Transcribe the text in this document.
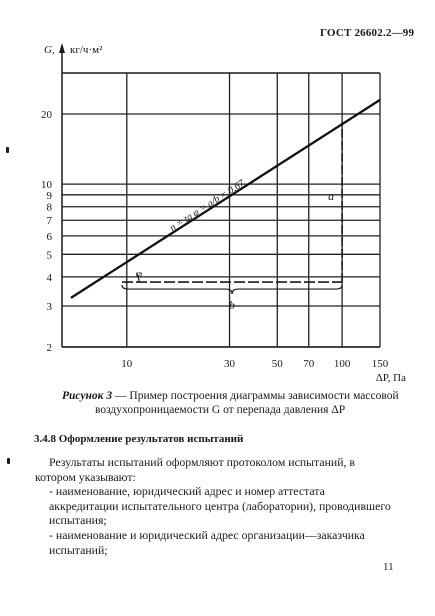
ГОСТ 26602.2—99
2
3
4
5
6
7
8
9
10
20
10	30	50 70 100 150
G, кг/ч·м²
ΔP, Па
φ
b
a
n = tg φ = a/b = 0,67
Рисунок 3 — Пример построения диаграммы зависимости массовой
воздухопроницаемости G от перепада давления ΔP
3.4.8 Оформление результатов испытаний

Результаты испытаний оформляют протоколом испытаний, в котором указывают:

- наименование, юридический адрес и номер аттестата аккредитации испытательного центра (лаборатории), проводившего испытания;

- наименование и юридический адрес организации—заказчика испытаний;

11
